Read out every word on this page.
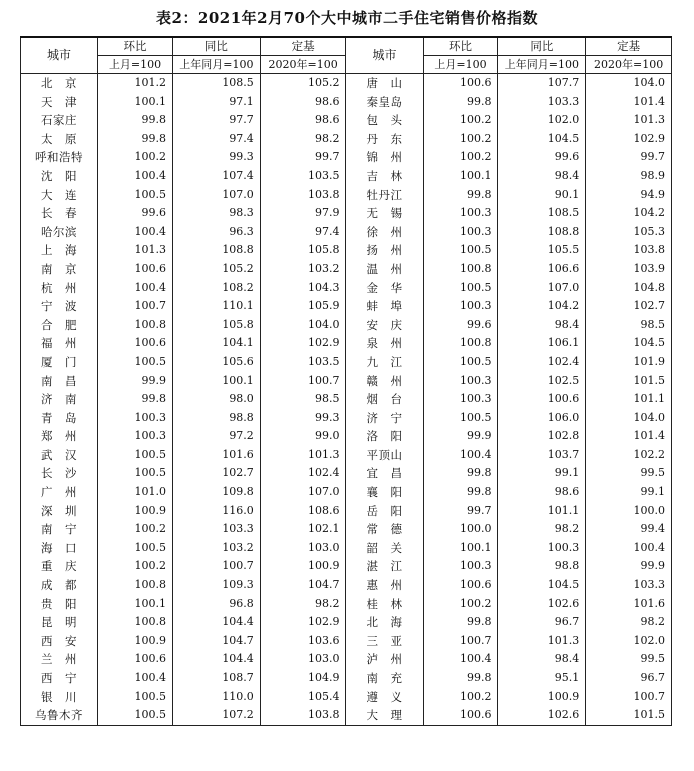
表2：2021年2月70个大中城市二手住宅销售价格指数
城市	环比	同比	定基	城市	环比	同比	定基
	上月=100	上年同月=100	2020年=100		上月=100	上年同月=100	2020年=100
北　京	101.2	108.5	105.2	唐　山	100.6	107.7	104.0
天　津	100.1	97.1	98.6	秦皇岛	99.8	103.3	101.4
石家庄	99.8	97.7	98.6	包　头	100.2	102.0	101.3
太　原	99.8	97.4	98.2	丹　东	100.2	104.5	102.9
呼和浩特	100.2	99.3	99.7	锦　州	100.2	99.6	99.7
沈　阳	100.4	107.4	103.5	吉　林	100.1	98.4	98.9
大　连	100.5	107.0	103.8	牡丹江	99.8	90.1	94.9
长　春	99.6	98.3	97.9	无　锡	100.3	108.5	104.2
哈尔滨	100.4	96.3	97.4	徐　州	100.3	108.8	105.3
上　海	101.3	108.8	105.8	扬　州	100.5	105.5	103.8
南　京	100.6	105.2	103.2	温　州	100.8	106.6	103.9
杭　州	100.4	108.2	104.3	金　华	100.5	107.0	104.8
宁　波	100.7	110.1	105.9	蚌　埠	100.3	104.2	102.7
合　肥	100.8	105.8	104.0	安　庆	99.6	98.4	98.5
福　州	100.6	104.1	102.9	泉　州	100.8	106.1	104.5
厦　门	100.5	105.6	103.5	九　江	100.5	102.4	101.9
南　昌	99.9	100.1	100.7	赣　州	100.3	102.5	101.5
济　南	99.8	98.0	98.5	烟　台	100.3	100.6	101.1
青　岛	100.3	98.8	99.3	济　宁	100.5	106.0	104.0
郑　州	100.3	97.2	99.0	洛　阳	99.9	102.8	101.4
武　汉	100.5	101.6	101.3	平顶山	100.4	103.7	102.2
长　沙	100.5	102.7	102.4	宜　昌	99.8	99.1	99.5
广　州	101.0	109.8	107.0	襄　阳	99.8	98.6	99.1
深　圳	100.9	116.0	108.6	岳　阳	99.7	101.1	100.0
南　宁	100.2	103.3	102.1	常　德	100.0	98.2	99.4
海　口	100.5	103.2	103.0	韶　关	100.1	100.3	100.4
重　庆	100.2	100.7	100.9	湛　江	100.3	98.8	99.9
成　都	100.8	109.3	104.7	惠　州	100.6	104.5	103.3
贵　阳	100.1	96.8	98.2	桂　林	100.2	102.6	101.6
昆　明	100.8	104.4	102.9	北　海	99.8	96.7	98.2
西　安	100.9	104.7	103.6	三　亚	100.7	101.3	102.0
兰　州	100.6	104.4	103.0	泸　州	100.4	98.4	99.5
西　宁	100.4	108.7	104.9	南　充	99.8	95.1	96.7
银　川	100.5	110.0	105.4	遵　义	100.2	100.9	100.7
乌鲁木齐	100.5	107.2	103.8	大　理	100.6	102.6	101.5
